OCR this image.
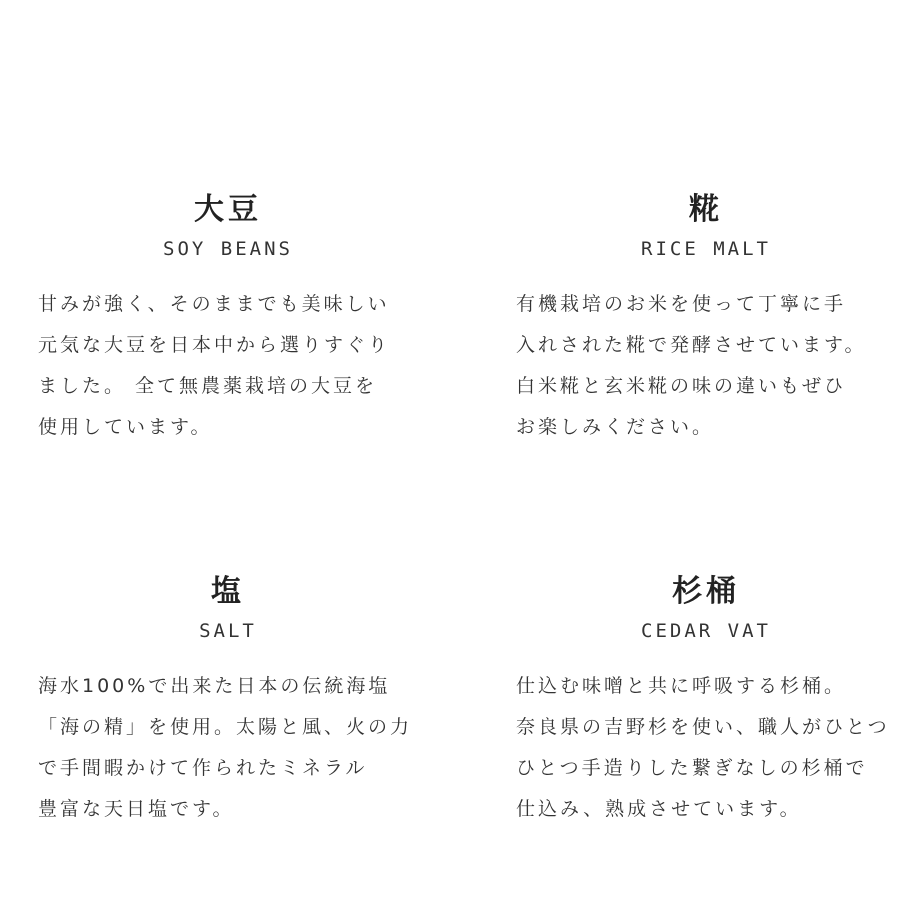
大豆
SOY BEANS
甘みが強く、そのままでも美味しい
元気な大豆を日本中から選りすぐり
ました。 全て無農薬栽培の大豆を
使用しています。
糀
RICE MALT
有機栽培のお米を使って丁寧に手
入れされた糀で発酵させています。
白米糀と玄米糀の味の違いもぜひ
お楽しみください。
塩
SALT
海水100%で出来た日本の伝統海塩
「海の精」を使用。太陽と風、火の力
で手間暇かけて作られたミネラル
豊富な天日塩です。
杉桶
CEDAR VAT
仕込む味噌と共に呼吸する杉桶。
奈良県の吉野杉を使い、職人がひとつ
ひとつ手造りした繋ぎなしの杉桶で
仕込み、熟成させています。
